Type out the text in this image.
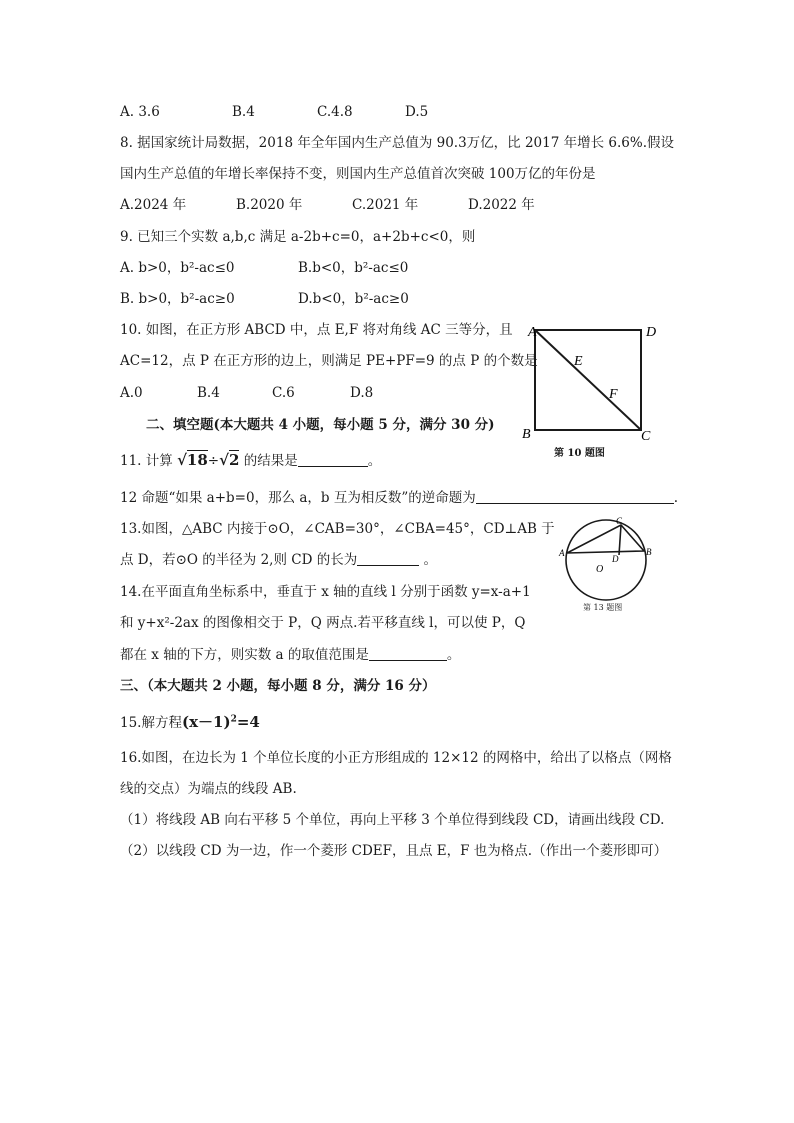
A. 3.6	B.4	C.4.8	D.5
8. 据国家统计局数据，2018 年全年国内生产总值为 90.3万亿，比 2017 年增长 6.6%.假设
国内生产总值的年增长率保持不变，则国内生产总值首次突破 100万亿的年份是
A.2024 年	B.2020 年	C.2021 年	D.2022 年
9. 已知三个实数 a,b,c 满足 a-2b+c=0，a+2b+c<0，则
A. b>0，b²-ac≤0	B.b<0，b²-ac≤0
B. b>0，b²-ac≥0	D.b<0，b²-ac≥0
10. 如图，在正方形 ABCD 中，点 E,F 将对角线 AC 三等分，且
AC=12，点 P 在正方形的边上，则满足 PE+PF=9 的点 P 的个数是
A.0	B.4	C.6	D.8
A	D
E
F
B	C
第 10 题图
二、填空题(本大题共 4 小题，每小题 5 分，满分 30 分)
11. 计算 √18÷√2 的结果是	。
12 命题“如果 a+b=0，那么 a，b 互为相反数”的逆命题为	.
13.如图，△ABC 内接于⊙O，∠CAB=30°，∠CBA=45°，CD⊥AB 于
点 D，若⊙O 的半径为 2,则 CD 的长为	。
C
A
D
B
O
第 13 题图
14.在平面直角坐标系中，垂直于 x 轴的直线 l 分别于函数 y=x-a+1
和 y+x²-2ax 的图像相交于 P，Q 两点.若平移直线 l，可以使 P，Q
都在 x 轴的下方，则实数 a 的取值范围是	。
三、（本大题共 2 小题，每小题 8 分，满分 16 分）
15.解方程$(x-1)^2=4$
16.如图，在边长为 1 个单位长度的小正方形组成的 12×12 的网格中，给出了以格点（网格
线的交点）为端点的线段 AB.
（1）将线段 AB 向右平移 5 个单位，再向上平移 3 个单位得到线段 CD，请画出线段 CD.
（2）以线段 CD 为一边，作一个菱形 CDEF，且点 E，F 也为格点.（作出一个菱形即可）
